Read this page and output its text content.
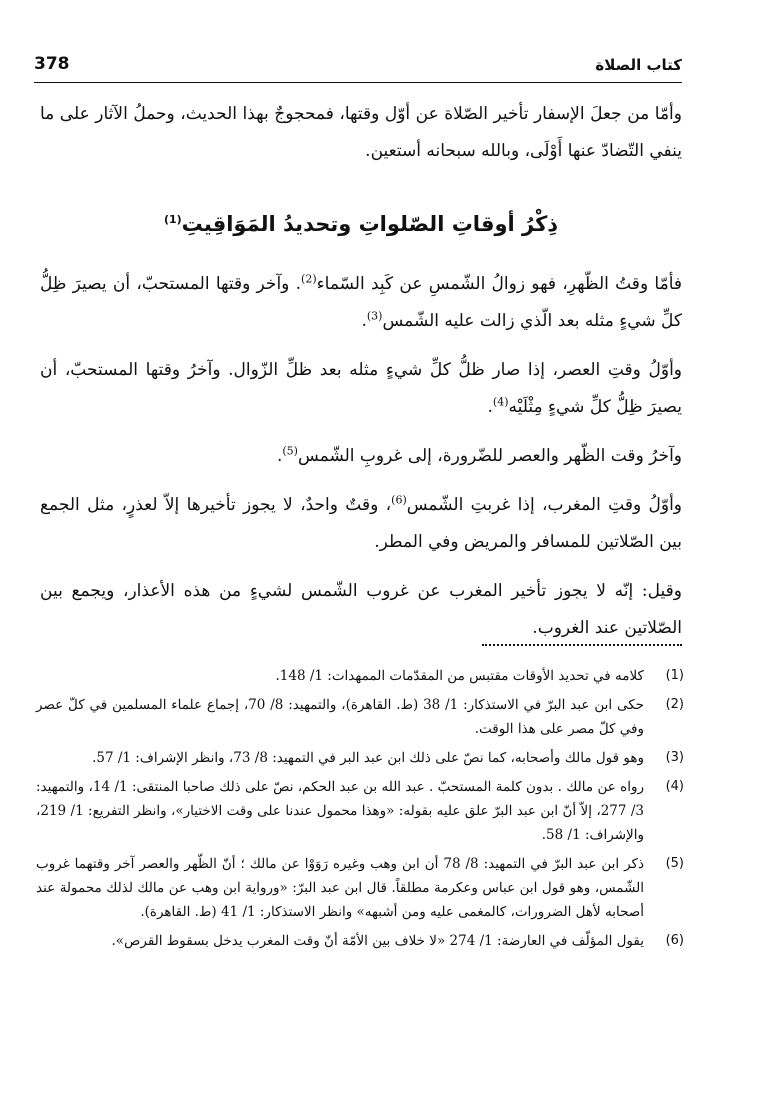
كتاب الصلاة
378

وأمّا من جعلَ الإسفار تأخير الصّلاة عن أوّل وقتها، فمحجوجٌ بهذا الحديث، وحملُ الآثار على ما ينفي التّضادّ عنها أَوْلَى، وبالله سبحانه أستعين.

ذِكْرُ أوقاتِ الصّلواتِ وتحديدُ المَوَاقِيتِ$^{(1)}$

فأمّا وقتُ الظّهرِ، فهو زوالُ الشّمسِ عن كَبِد السّماء$^{(2)}$. وآخر وقتها المستحبّ، أن يصيرَ ظِلُّ كلِّ شيءٍ مثله بعد الّذي زالت عليه الشّمس$^{(3)}$.

وأوّلُ وقتِ العصر، إذا صار ظلُّ كلِّ شيءٍ مثله بعد ظلِّ الزّوال. وآخرُ وقتها المستحبّ، أن يصيرَ ظِلُّ كلِّ شيءٍ مِثْلَيْه$^{(4)}$.

وآخرُ وقت الظّهر والعصر للضّرورة، إلى غروبِ الشّمس$^{(5)}$.

وأوّلُ وقتِ المغرب، إذا غربتِ الشّمس$^{(6)}$، وقتٌ واحدٌ، لا يجوز تأخيرها إلاّ لعذرٍ، مثل الجمع بين الصّلاتين للمسافر والمريض وفي المطر.

وقيل: إنّه لا يجوز تأخير المغرب عن غروب الشّمس لشيءٍ من هذه الأعذار، ويجمع بين الصّلاتين عند الغروب.

(1)
كلامه في تحديد الأوقات مقتبس من المقدّمات الممهدات: 1/ 148.
(2)
حكى ابن عبد البرّ في الاستذكار: 1/ 38 (ط. القاهرة)، والتمهيد: 8/ 70، إجماع علماء المسلمين في كلّ عصر وفي كلّ مصر على هذا الوقت.
(3)
وهو قول مالك وأصحابه، كما نصّ على ذلك ابن عبد البر في التمهيد: 8/ 73، وانظر الإشراف: 1/ 57.
(4)
رواه عن مالك . بدون كلمة المستحبّ . عبد الله بن عبد الحكم، نصّ على ذلك صاحبا المنتقى: 1/ 14، والتمهيد: 3/ 277، إلاّ أنّ ابن عبد البرّ علق عليه بقوله: «وهذا محمول عندنا على وقت الاختيار»، وانظر التفريع: 1/ 219، والإشراف: 1/ 58.
(5)
ذكر ابن عبد البرّ في التمهيد: 8/ 78 أن ابن وهب وغيره رَوَوْا عن مالك ؛ أنّ الظّهر والعصر آخر وقتهما غروب الشّمس، وهو قول ابن عباس وعكرمة مطلقاً. قال ابن عبد البرّ: «ورواية ابن وهب عن مالك لذلك محمولة عند أصحابه لأهل الضرورات، كالمغمى عليه ومن أشبهه» وانظر الاستذكار: 1/ 41 (ط. القاهرة).
(6)
يقول المؤلّف في العارضة: 1/ 274 «لا خلاف بين الأمّة أنّ وقت المغرب يدخل بسقوط القرص».
